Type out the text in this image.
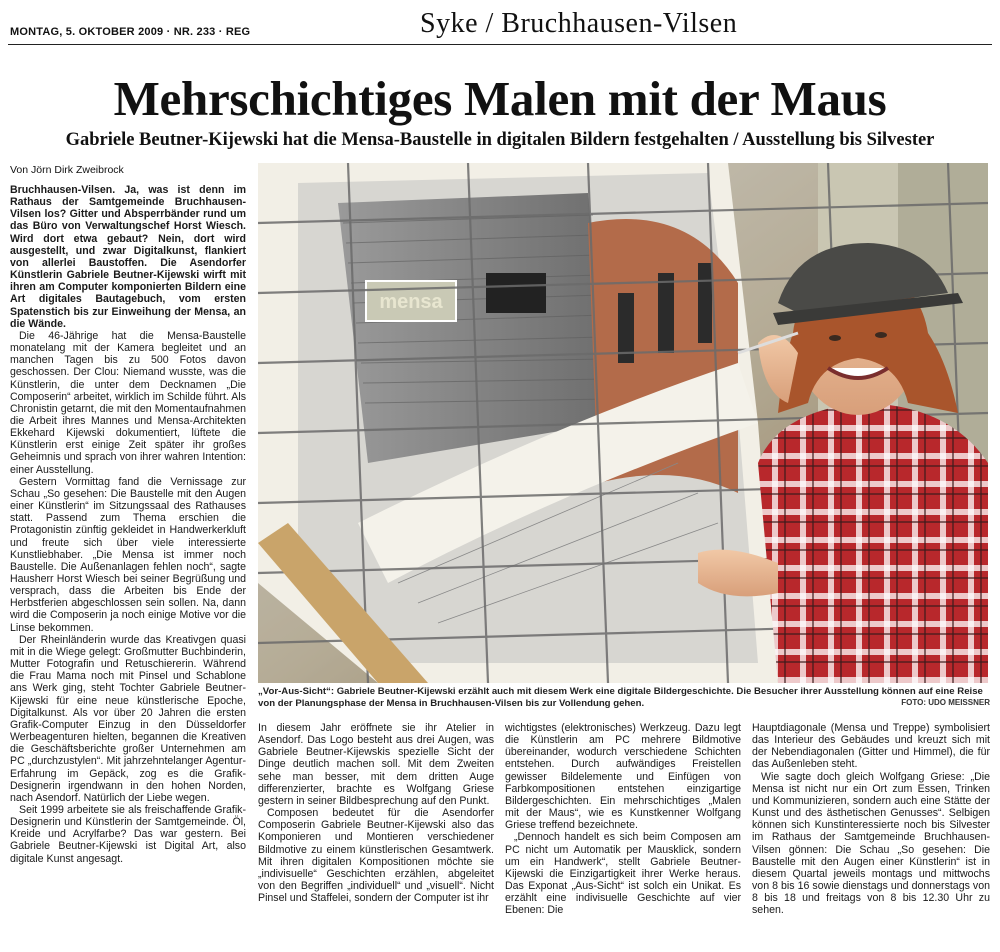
MONTAG, 5. OKTOBER 2009 · NR. 233 · REG	Syke / Bruchhausen-Vilsen
Mehrschichtiges Malen mit der Maus
Gabriele Beutner-Kijewski hat die Mensa-Baustelle in digitalen Bildern festgehalten / Ausstellung bis Silvester
Von Jörn Dirk Zweibrock

Bruchhausen-Vilsen. Ja, was ist denn im Rathaus der Samtgemeinde Bruchhausen-Vilsen los? Gitter und Absperrbänder rund um das Büro von Verwaltungschef Horst Wiesch. Wird dort etwa gebaut? Nein, dort wird ausgestellt, und zwar Digitalkunst, flankiert von allerlei Baustoffen. Die Asendorfer Künstlerin Gabriele Beutner-Kijewski wirft mit ihren am Computer komponierten Bildern eine Art digitales Bautagebuch, vom ersten Spatenstich bis zur Einweihung der Mensa, an die Wände.

Die 46-Jährige hat die Mensa-Baustelle monatelang mit der Kamera begleitet und an manchen Tagen bis zu 500 Fotos davon geschossen. Der Clou: Niemand wusste, was die Künstlerin, die unter dem Decknamen „Die Composerin“ arbeitet, wirklich im Schilde führt. Als Chronistin getarnt, die mit den Momentaufnahmen die Arbeit ihres Mannes und Mensa-Architekten Ekkehard Kijewski dokumentiert, lüftete die Künstlerin erst einige Zeit später ihr großes Geheimnis und sprach von ihrer wahren Intention: einer Ausstellung.

Gestern Vormittag fand die Vernissage zur Schau „So gesehen: Die Baustelle mit den Augen einer Künstlerin“ im Sitzungssaal des Rathauses statt. Passend zum Thema erschien die Protagonistin zünftig gekleidet in Handwerkerkluft und freute sich über viele interessierte Kunstliebhaber. „Die Mensa ist immer noch Baustelle. Die Außenanlagen fehlen noch“, sagte Hausherr Horst Wiesch bei seiner Begrüßung und versprach, dass die Arbeiten bis Ende der Herbstferien abgeschlossen sein sollen. Na, dann wird die Composerin ja noch einige Motive vor die Linse bekommen.

Der Rheinländerin wurde das Kreativgen quasi mit in die Wiege gelegt: Großmutter Buchbinderin, Mutter Fotografin und Retuschiererin. Während die Frau Mama noch mit Pinsel und Schablone ans Werk ging, steht Tochter Gabriele Beutner-Kijewski für eine neue künstlerische Epoche, Digitalkunst. Als vor über 20 Jahren die ersten Grafik-Computer Einzug in den Düsseldorfer Werbeagenturen hielten, begannen die Kreativen die Geschäftsberichte großer Unternehmen am PC „durchzustylen“. Mit jahrzehntelanger Agentur-Erfahrung im Gepäck, zog es die Grafik-Designerin irgendwann in den hohen Norden, nach Asendorf. Natürlich der Liebe wegen.

Seit 1999 arbeitete sie als freischaffende Grafik-Designerin und Künstlerin der Samtgemeinde. Öl, Kreide und Acrylfarbe? Das war gestern. Bei Gabriele Beutner-Kijewski ist Digital Art, also digitale Kunst angesagt.

mensa
„Vor-Aus-Sicht“: Gabriele Beutner-Kijewski erzählt auch mit diesem Werk eine digitale Bildergeschichte. Die Besucher ihrer Ausstellung können auf eine Reise von der Planungsphase der Mensa in Bruchhausen-Vilsen bis zur Vollendung gehen.	FOTO: UDO MEISSNER

In diesem Jahr eröffnete sie ihr Atelier in Asendorf. Das Logo besteht aus drei Augen, was Gabriele Beutner-Kijewskis spezielle Sicht der Dinge deutlich machen soll. Mit dem Zweiten sehe man besser, mit dem dritten Auge differenzierter, brachte es Wolfgang Griese gestern in seiner Bildbesprechung auf den Punkt.

Composen bedeutet für die Asendorfer Composerin Gabriele Beutner-Kijewski also das Komponieren und Montieren verschiedener Bildmotive zu einem künstlerischen Gesamtwerk. Mit ihren digitalen Kompositionen möchte sie „indivisuelle“ Geschichten erzählen, abgeleitet von den Begriffen „individuell“ und „visuell“. Nicht Pinsel und Staffelei, sondern der Computer ist ihr

wichtigstes (elektronisches) Werkzeug. Dazu legt die Künstlerin am PC mehrere Bildmotive übereinander, wodurch verschiedene Schichten entstehen. Durch aufwändiges Freistellen gewisser Bildelemente und Einfügen von Farbkompositionen entstehen einzigartige Bildergeschichten. Ein mehrschichtiges „Malen mit der Maus“, wie es Kunstkenner Wolfgang Griese treffend bezeichnete.

„Dennoch handelt es sich beim Composen am PC nicht um Automatik per Mausklick, sondern um ein Handwerk“, stellt Gabriele Beutner-Kijewski die Einzigartigkeit ihrer Werke heraus. Das Exponat „Aus-Sicht“ ist solch ein Unikat. Es erzählt eine indivisuelle Geschichte auf vier Ebenen: Die

Hauptdiagonale (Mensa und Treppe) symbolisiert das Interieur des Gebäudes und kreuzt sich mit der Nebendiagonalen (Gitter und Himmel), die für das Außenleben steht.

Wie sagte doch gleich Wolfgang Griese: „Die Mensa ist nicht nur ein Ort zum Essen, Trinken und Kommunizieren, sondern auch eine Stätte der Kunst und des ästhetischen Genusses“. Selbigen können sich Kunstinteressierte noch bis Silvester im Rathaus der Samtgemeinde Bruchhausen-Vilsen gönnen: Die Schau „So gesehen: Die Baustelle mit den Augen einer Künstlerin“ ist in diesem Quartal jeweils montags und mittwochs von 8 bis 16 sowie dienstags und donnerstags von 8 bis 18 und freitags von 8 bis 12.30 Uhr zu sehen.
